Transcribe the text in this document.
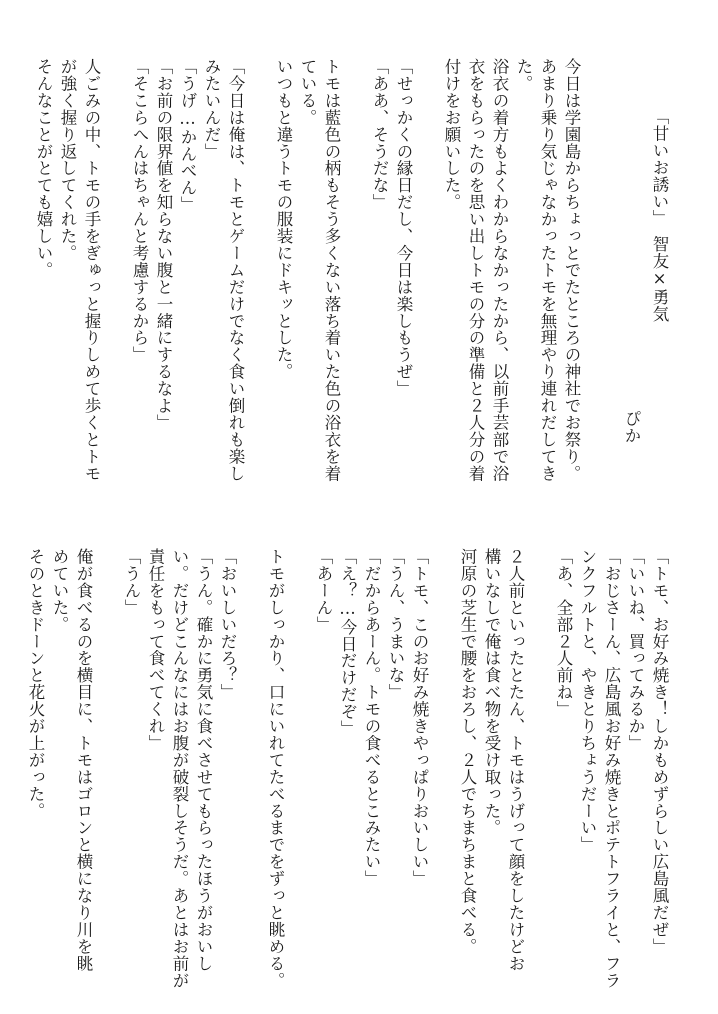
「甘いお誘い」　智友×勇気
ぴか
今日は学園島からちょっとでたところの神社でお祭り。
あまり乗り気じゃなかったトモを無理やり連れだしてき
た。
浴衣の着方もよくわからなかったから、以前手芸部で浴
衣をもらったのを思い出しトモの分の準備と２人分の着
付けをお願いした。
「せっかくの縁日だし、今日は楽しもうぜ」
「ああ、そうだな」
トモは藍色の柄もそう多くない落ち着いた色の浴衣を着
ている。
いつもと違うトモの服装にドキッとした。
「今日は俺は、トモとゲームだけでなく食い倒れも楽し
みたいんだ」
「うげ…かんべん」
「お前の限界値を知らない腹と一緒にするなよ」
「そこらへんはちゃんと考慮するから」
人ごみの中、トモの手をぎゅっと握りしめて歩くとトモ
が強く握り返してくれた。
そんなことがとても嬉しい。
「トモ、お好み焼き！しかもめずらしい広島風だぜ」
「いいね、買ってみるか」
「おじさーん、広島風お好み焼きとポテトフライと、フラ
ンクフルトと、やきとりちょうだーい」
「あ、全部２人前ね」
２人前といったとたん、トモはうげって顔をしたけどお
構いなしで俺は食べ物を受け取った。
河原の芝生で腰をおろし、２人でちまちまと食べる。
「トモ、このお好み焼きやっぱりおいしい」
「うん、うまいな」
「だからあーん。トモの食べるとこみたい」
「え？…今日だけだぞ」
「あーん」
トモがしっかり、口にいれてたべるまでをずっと眺める。
「おいしいだろ？」
「うん。確かに勇気に食べさせてもらったほうがおいし
い。だけどこんなにはお腹が破裂しそうだ。あとはお前が
責任をもって食べてくれ」
「うん」
俺が食べるのを横目に、トモはゴロンと横になり川を眺
めていた。
そのときドーンと花火が上がった。
